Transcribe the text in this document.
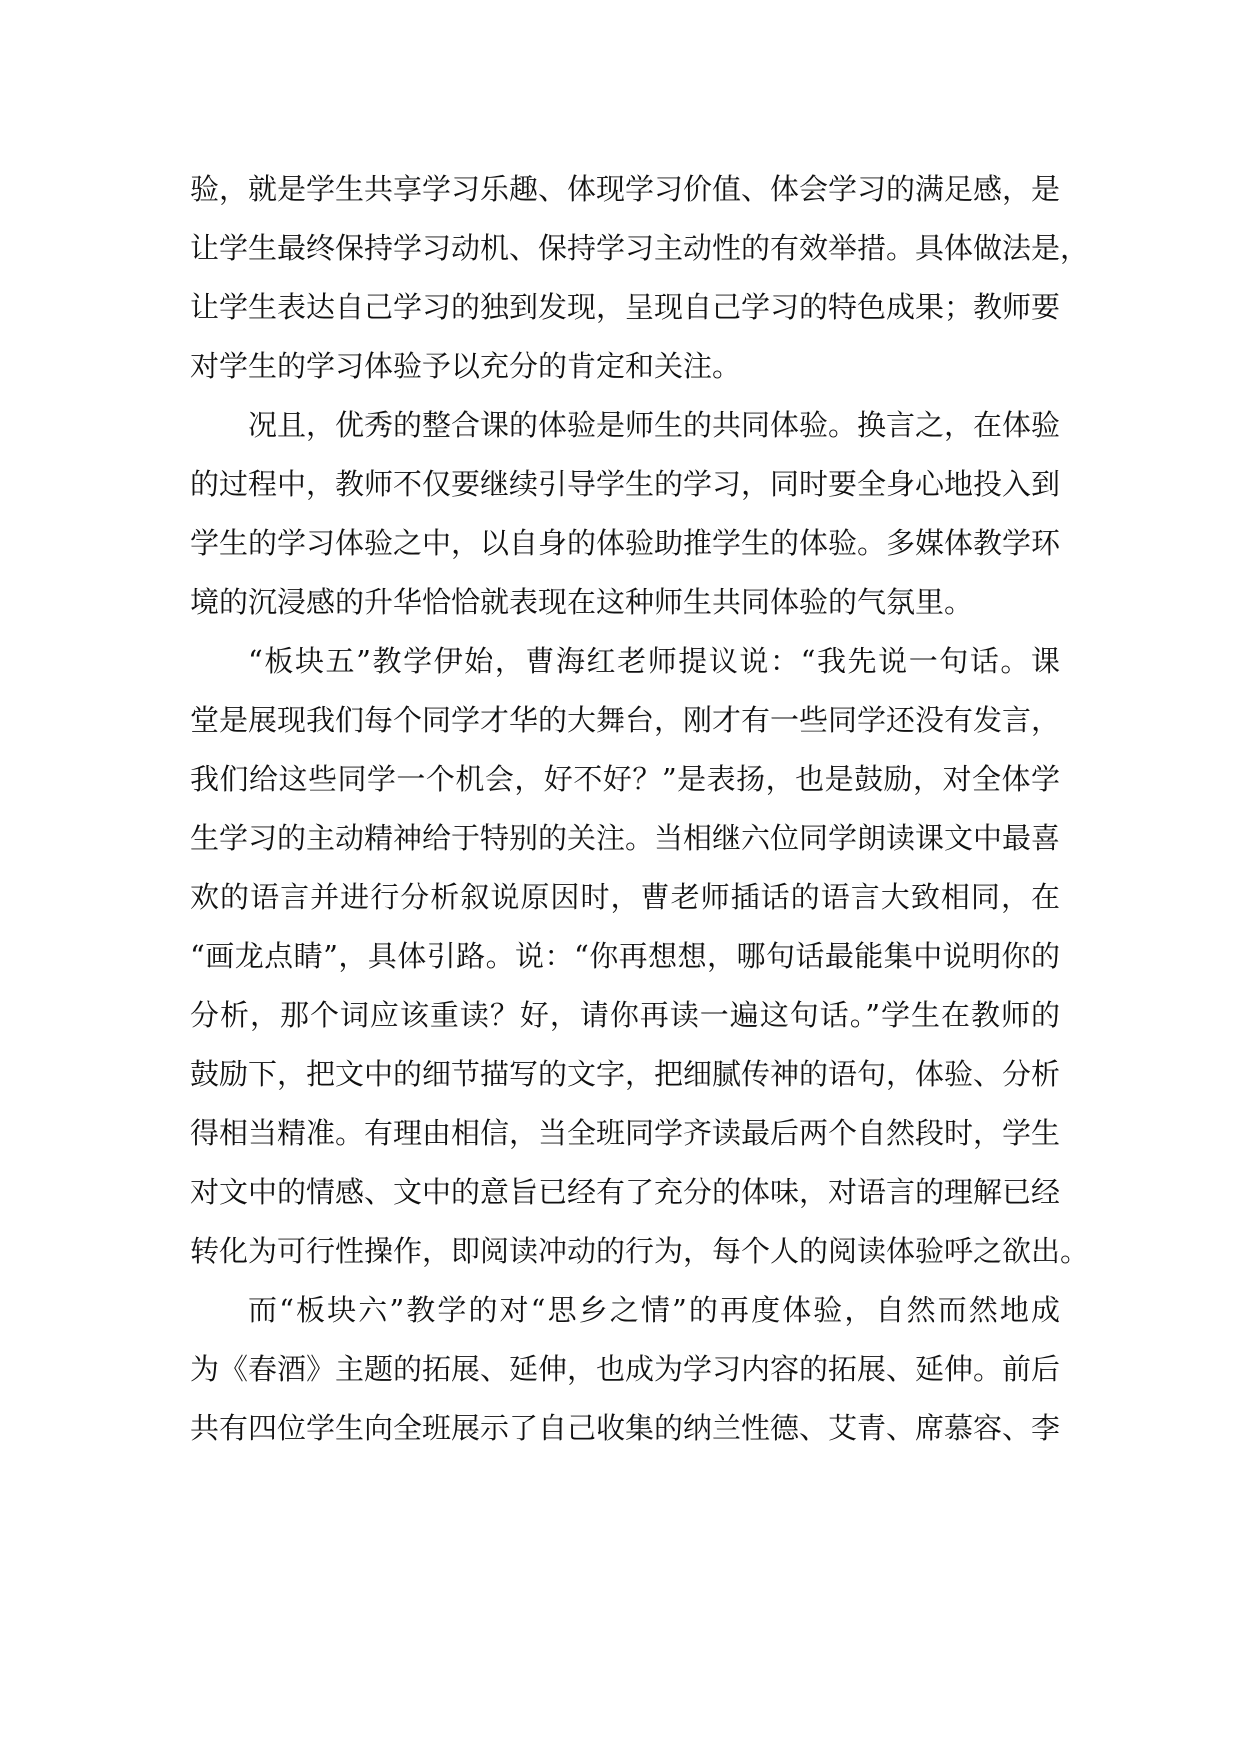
验，就是学生共享学习乐趣、体现学习价值、体会学习的满足感，是
让学生最终保持学习动机、保持学习主动性的有效举措。具体做法是，
让学生表达自己学习的独到发现，呈现自己学习的特色成果；教师要
对学生的学习体验予以充分的肯定和关注。
况且，优秀的整合课的体验是师生的共同体验。换言之，在体验
的过程中，教师不仅要继续引导学生的学习，同时要全身心地投入到
学生的学习体验之中，以自身的体验助推学生的体验。多媒体教学环
境的沉浸感的升华恰恰就表现在这种师生共同体验的气氛里。
“板块五”教学伊始，曹海红老师提议说：“我先说一句话。课
堂是展现我们每个同学才华的大舞台，刚才有一些同学还没有发言，
我们给这些同学一个机会，好不好？”是表扬，也是鼓励，对全体学
生学习的主动精神给于特别的关注。当相继六位同学朗读课文中最喜
欢的语言并进行分析叙说原因时，曹老师插话的语言大致相同，在
“画龙点睛”，具体引路。说：“你再想想，哪句话最能集中说明你的
分析，那个词应该重读？好，请你再读一遍这句话。”学生在教师的
鼓励下，把文中的细节描写的文字，把细腻传神的语句，体验、分析
得相当精准。有理由相信，当全班同学齐读最后两个自然段时，学生
对文中的情感、文中的意旨已经有了充分的体味，对语言的理解已经
转化为可行性操作，即阅读冲动的行为，每个人的阅读体验呼之欲出。
而“板块六”教学的对“思乡之情”的再度体验，自然而然地成
为《春酒》主题的拓展、延伸，也成为学习内容的拓展、延伸。前后
共有四位学生向全班展示了自己收集的纳兰性德、艾青、席慕容、李
